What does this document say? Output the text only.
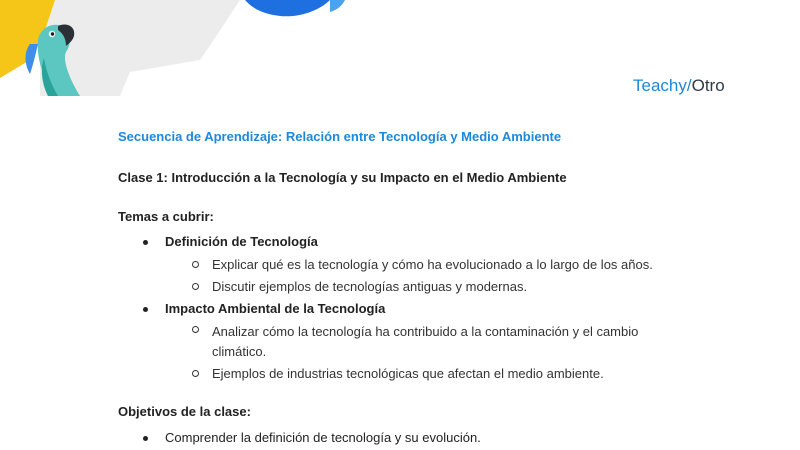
Teachy/Otro
Secuencia de Aprendizaje: Relación entre Tecnología y Medio Ambiente
Clase 1: Introducción a la Tecnología y su Impacto en el Medio Ambiente
Temas a cubrir:
Definición de Tecnología
Explicar qué es la tecnología y cómo ha evolucionado a lo largo de los años.
Discutir ejemplos de tecnologías antiguas y modernas.
Impacto Ambiental de la Tecnología
Analizar cómo la tecnología ha contribuido a la contaminación y el cambio climático.
Ejemplos de industrias tecnológicas que afectan el medio ambiente.
Objetivos de la clase:
Comprender la definición de tecnología y su evolución.
